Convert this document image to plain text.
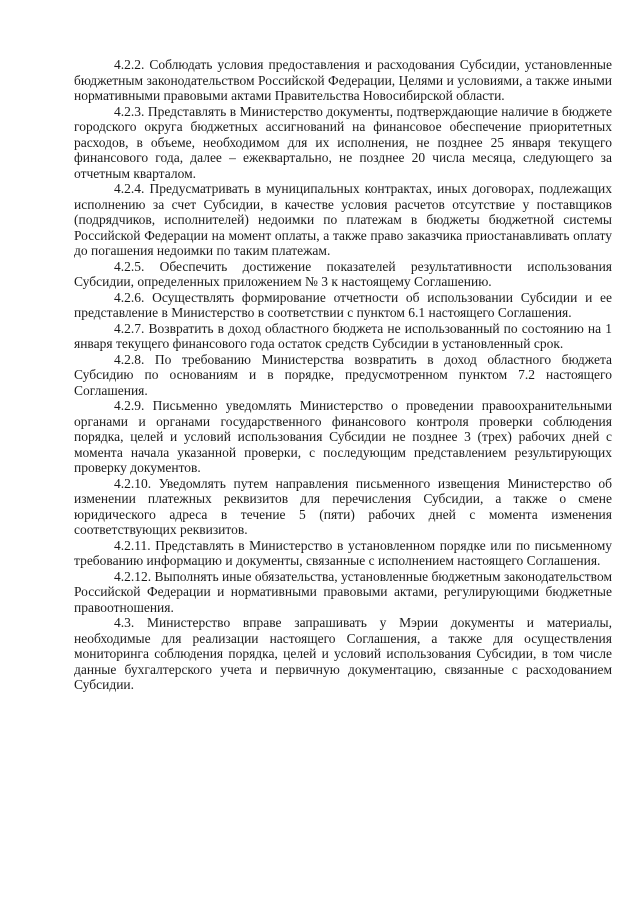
4.2.2. Соблюдать условия предоставления и расходования Субсидии, установленные бюджетным законодательством Российской Федерации, Целями и условиями, а также иными нормативными правовыми актами Правительства Новосибирской области.

4.2.3. Представлять в Министерство документы, подтверждающие наличие в бюджете городского округа бюджетных ассигнований на финансовое обеспечение приоритетных расходов, в объеме, необходимом для их исполнения, не позднее 25 января текущего финансового года, далее – ежеквартально, не позднее 20 числа месяца, следующего за отчетным кварталом.

4.2.4. Предусматривать в муниципальных контрактах, иных договорах, подлежащих исполнению за счет Субсидии, в качестве условия расчетов отсутствие у поставщиков (подрядчиков, исполнителей) недоимки по платежам в бюджеты бюджетной системы Российской Федерации на момент оплаты, а также право заказчика приостанавливать оплату до погашения недоимки по таким платежам.

4.2.5. Обеспечить достижение показателей результативности использования Субсидии, определенных приложением № 3 к настоящему Соглашению.

4.2.6. Осуществлять формирование отчетности об использовании Субсидии и ее представление в Министерство в соответствии с пунктом 6.1 настоящего Соглашения.

4.2.7. Возвратить в доход областного бюджета не использованный по состоянию на 1 января текущего финансового года остаток средств Субсидии в установленный срок.

4.2.8. По требованию Министерства возвратить в доход областного бюджета Субсидию по основаниям и в порядке, предусмотренном пунктом 7.2 настоящего Соглашения.

4.2.9. Письменно уведомлять Министерство о проведении правоохранительными органами и органами государственного финансового контроля проверки соблюдения порядка, целей и условий использования Субсидии не позднее 3 (трех) рабочих дней с момента начала указанной проверки, с последующим представлением результирующих проверку документов.

4.2.10. Уведомлять путем направления письменного извещения Министерство об изменении платежных реквизитов для перечисления Субсидии, а также о смене юридического адреса в течение 5 (пяти) рабочих дней с момента изменения соответствующих реквизитов.

4.2.11. Представлять в Министерство в установленном порядке или по письменному требованию информацию и документы, связанные с исполнением настоящего Соглашения.

4.2.12. Выполнять иные обязательства, установленные бюджетным законодательством Российской Федерации и нормативными правовыми актами, регулирующими бюджетные правоотношения.

4.3. Министерство вправе запрашивать у Мэрии документы и материалы, необходимые для реализации настоящего Соглашения, а также для осуществления мониторинга соблюдения порядка, целей и условий использования Субсидии, в том числе данные бухгалтерского учета и первичную документацию, связанные с расходованием Субсидии.
